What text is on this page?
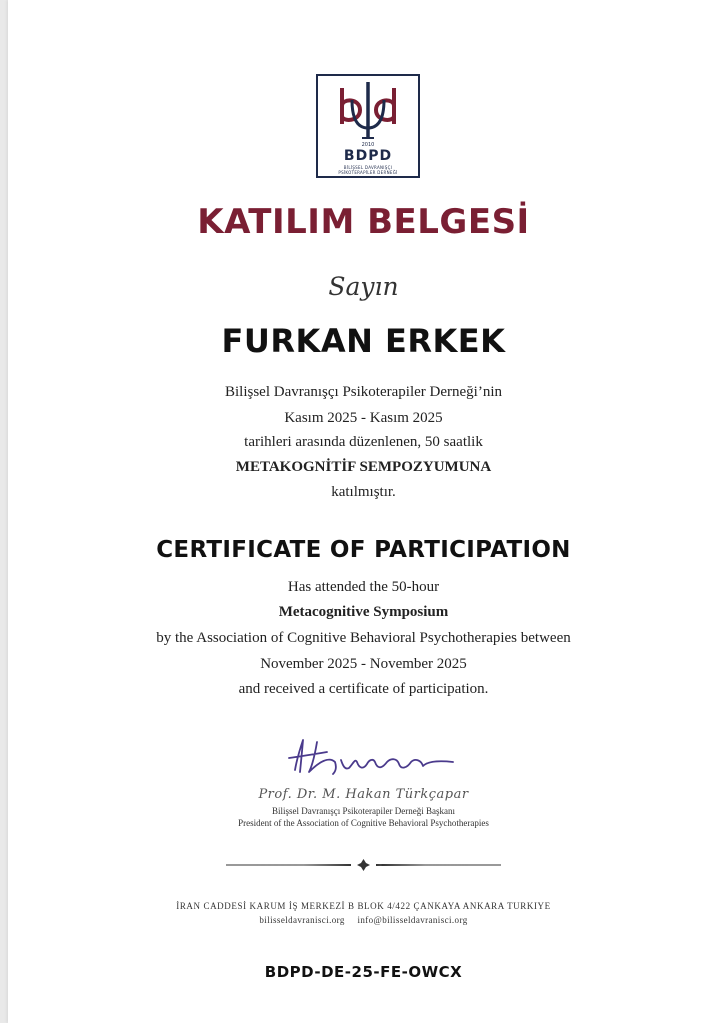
2010
BDPD
BİLİŞSEL DAVRANIŞÇI
PSİKOTERAPİLER DERNEĞİ
KATILIM BELGESİ
Sayın
FURKAN ERKEK
Bilişsel Davranışçı Psikoterapiler Derneği’nin
Kasım 2025 - Kasım 2025
tarihleri arasında düzenlenen, 50 saatlik
METAKOGNİTİF SEMPOZYUMUNA
katılmıştır.
CERTIFICATE OF PARTICIPATION
Has attended the 50-hour
Metacognitive Symposium
by the Association of Cognitive Behavioral Psychotherapies between
November 2025 - November 2025
and received a certificate of participation.
Prof. Dr. M. Hakan Türkçapar
Bilişsel Davranışçı Psikoterapiler Derneği Başkanı
President of the Association of Cognitive Behavioral Psychotherapies
İRAN CADDESİ KARUM İŞ MERKEZİ B BLOK 4/422 ÇANKAYA ANKARA TURKIYE
bilisseldavranisci.org info@bilisseldavranisci.org
BDPD-DE-25-FE-OWCX
